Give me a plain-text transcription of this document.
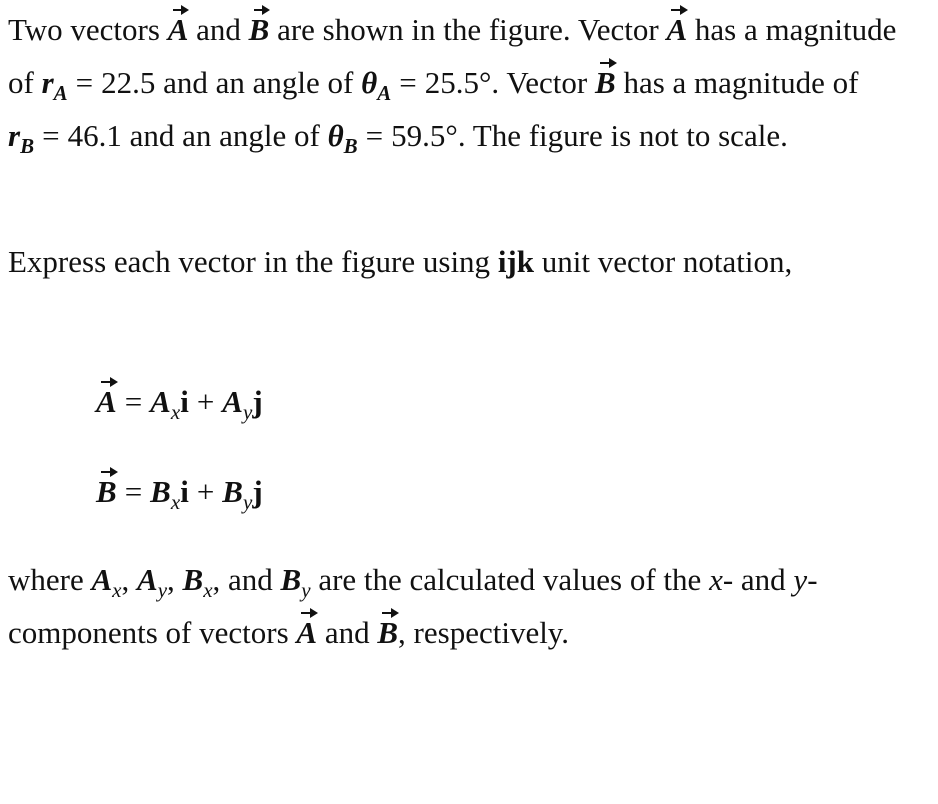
Two vectors A and B are shown in the figure. Vector A has a magnitude of $r_A = 22.5$ and an angle of $\theta_A = 25.5^\circ$. Vector B has a magnitude of $r_B = 46.1$ and an angle of $\theta_B = 59.5^\circ$. The figure is not to scale.

Express each vector in the figure using ijk unit vector notation,

$A = A_xi + A_yj$

$B = B_xi + B_yj$

where $A_x$, $A_y$, $B_x$, and $B_y$ are the calculated values of the x- and y-components of vectors A and B, respectively.
